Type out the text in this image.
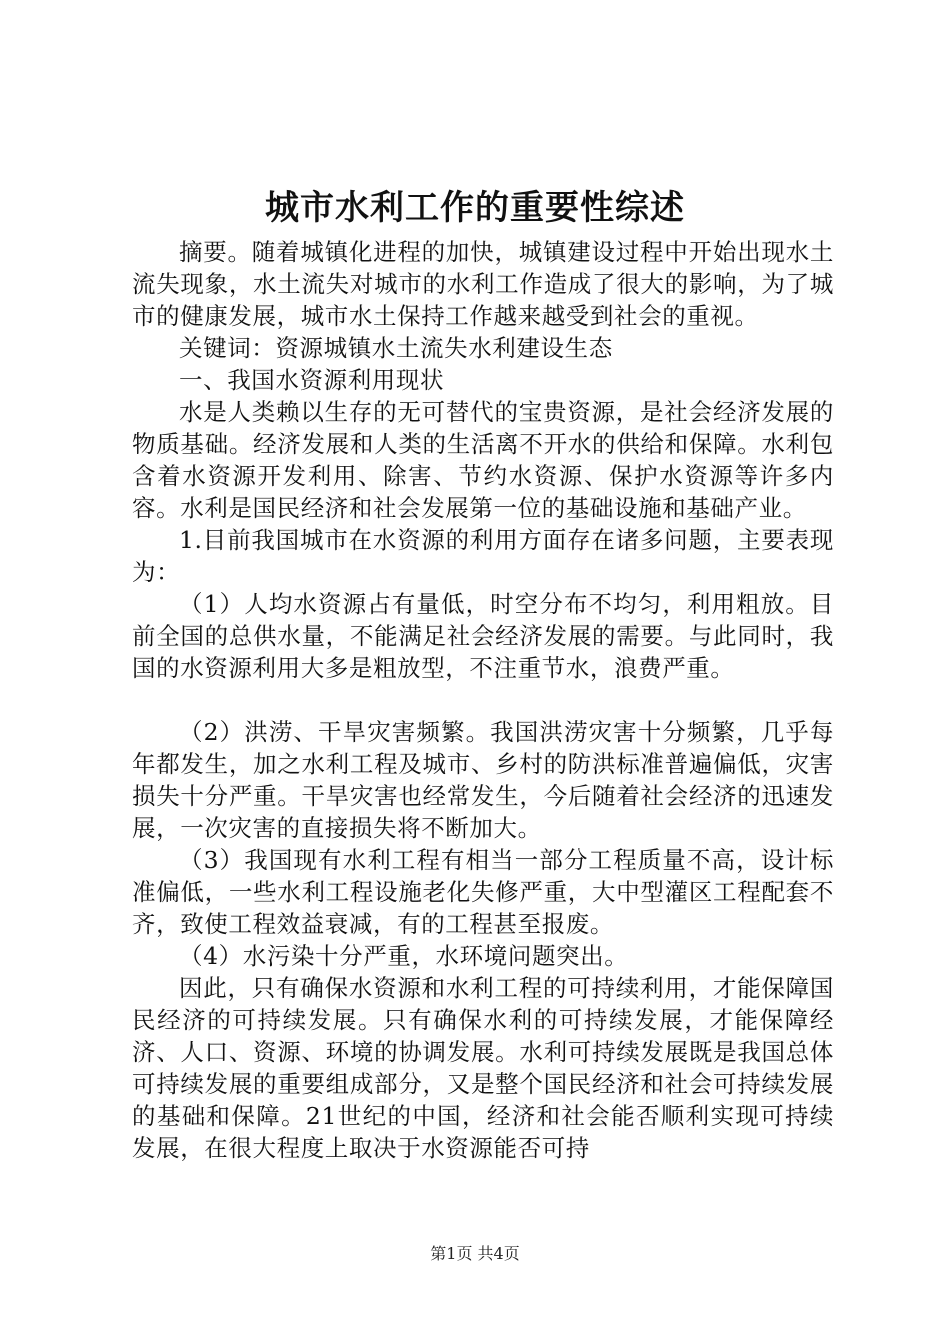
城市水利工作的重要性综述

摘要。随着城镇化进程的加快，城镇建设过程中开始出现水土流失现象，水土流失对城市的水利工作造成了很大的影响，为了城市的健康发展，城市水土保持工作越来越受到社会的重视。

关键词：资源城镇水土流失水利建设生态

一、我国水资源利用现状

水是人类赖以生存的无可替代的宝贵资源，是社会经济发展的物质基础。经济发展和人类的生活离不开水的供给和保障。水利包含着水资源开发利用、除害、节约水资源、保护水资源等许多内容。水利是国民经济和社会发展第一位的基础设施和基础产业。

1.目前我国城市在水资源的利用方面存在诸多问题，主要表现为：

（1）人均水资源占有量低，时空分布不均匀，利用粗放。目前全国的总供水量，不能满足社会经济发展的需要。与此同时，我国的水资源利用大多是粗放型，不注重节水，浪费严重。

（2）洪涝、干旱灾害频繁。我国洪涝灾害十分频繁，几乎每年都发生，加之水利工程及城市、乡村的防洪标准普遍偏低，灾害损失十分严重。干旱灾害也经常发生，今后随着社会经济的迅速发展，一次灾害的直接损失将不断加大。

（3）我国现有水利工程有相当一部分工程质量不高，设计标准偏低，一些水利工程设施老化失修严重，大中型灌区工程配套不齐，致使工程效益衰减，有的工程甚至报废。

（4）水污染十分严重，水环境问题突出。

因此，只有确保水资源和水利工程的可持续利用，才能保障国民经济的可持续发展。只有确保水利的可持续发展，才能保障经济、人口、资源、环境的协调发展。水利可持续发展既是我国总体可持续发展的重要组成部分，又是整个国民经济和社会可持续发展的基础和保障。21世纪的中国，经济和社会能否顺利实现可持续发展，在很大程度上取决于水资源能否可持

第1页 共4页
